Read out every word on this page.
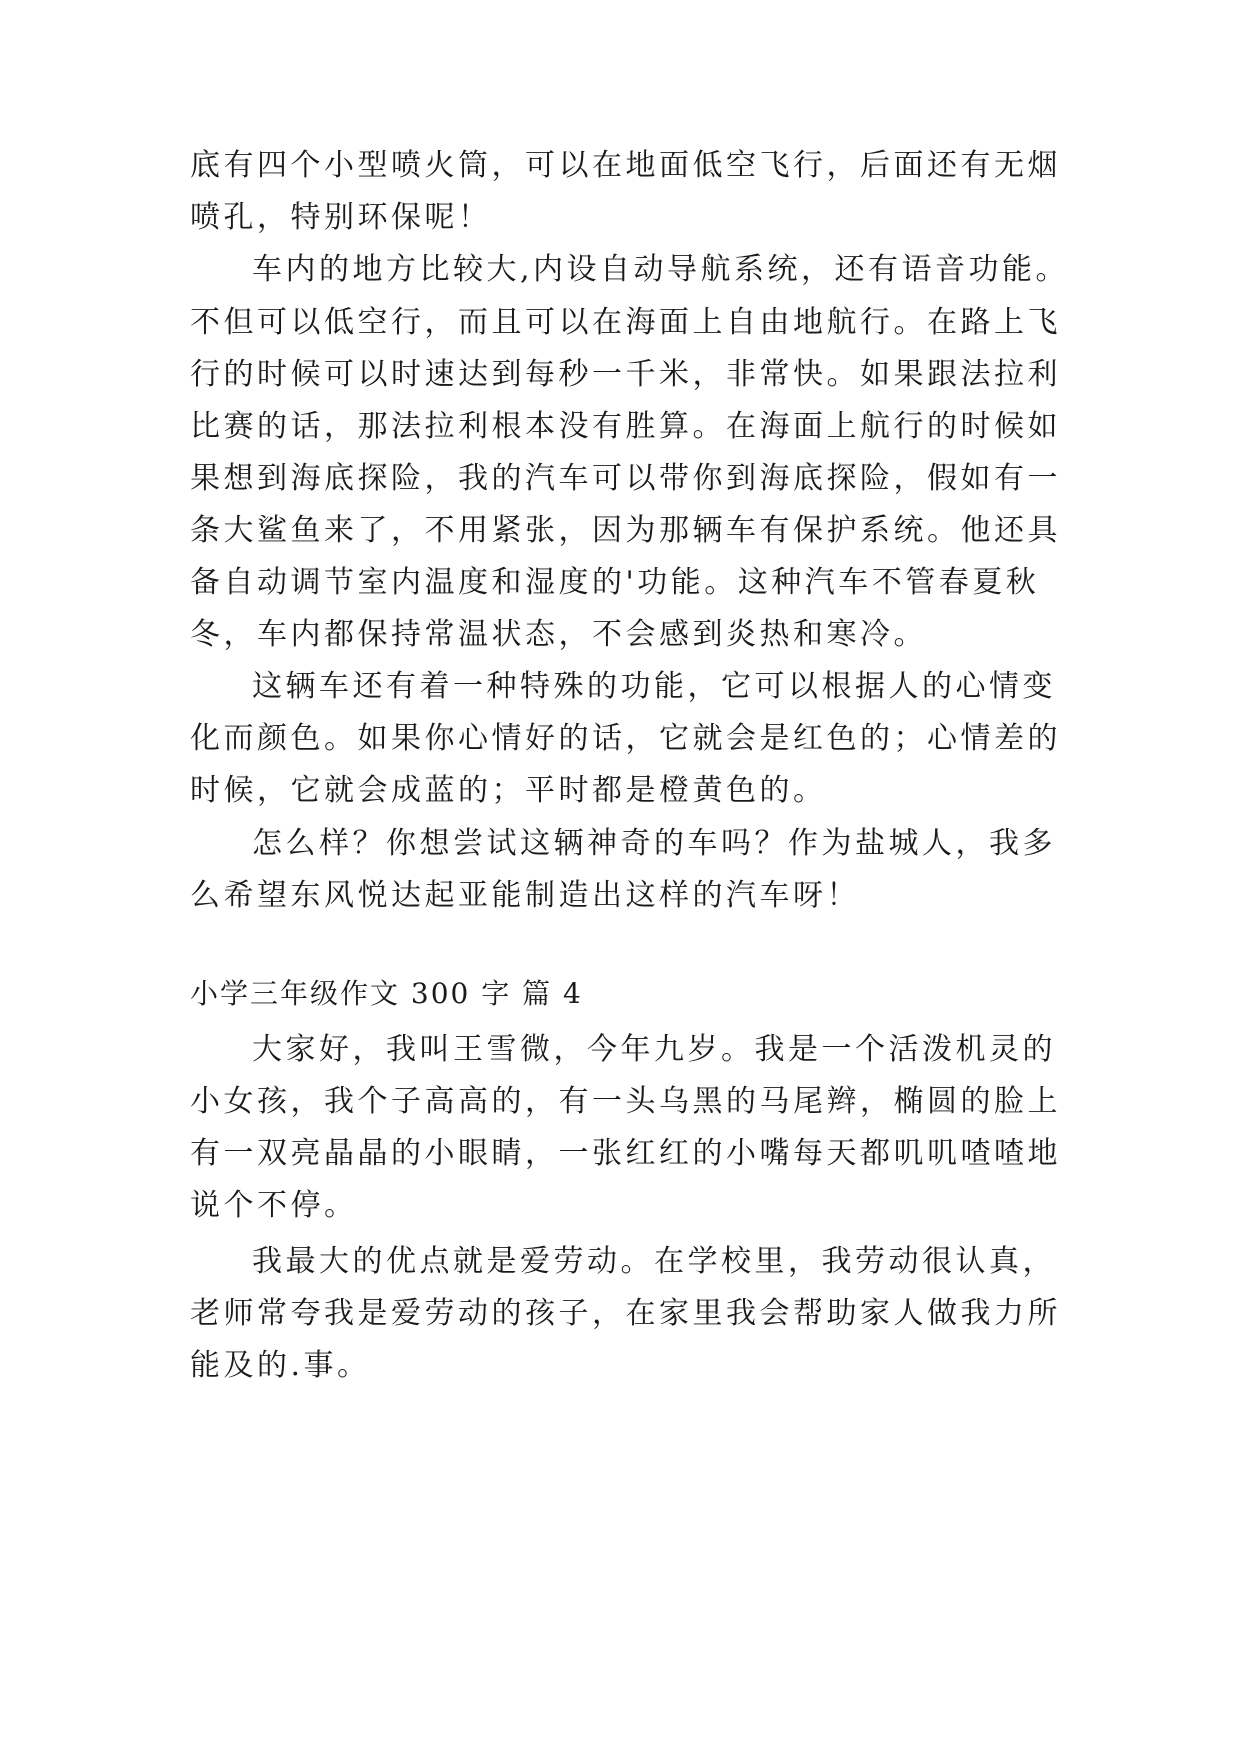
底有四个小型喷火筒，可以在地面低空飞行，后面还有无烟
喷孔，特别环保呢！
车内的地方比较大,内设自动导航系统，还有语音功能。
不但可以低空行，而且可以在海面上自由地航行。在路上飞
行的时候可以时速达到每秒一千米，非常快。如果跟法拉利
比赛的话，那法拉利根本没有胜算。在海面上航行的时候如
果想到海底探险，我的汽车可以带你到海底探险，假如有一
条大鲨鱼来了，不用紧张，因为那辆车有保护系统。他还具
备自动调节室内温度和湿度的'功能。这种汽车不管春夏秋
冬，车内都保持常温状态，不会感到炎热和寒冷。
这辆车还有着一种特殊的功能，它可以根据人的心情变
化而颜色。如果你心情好的话，它就会是红色的；心情差的
时候，它就会成蓝的；平时都是橙黄色的。
怎么样？你想尝试这辆神奇的车吗？作为盐城人，我多
么希望东风悦达起亚能制造出这样的汽车呀！
小学三年级作文 300 字 篇 4
大家好，我叫王雪微，今年九岁。我是一个活泼机灵的
小女孩，我个子高高的，有一头乌黑的马尾辫，椭圆的脸上
有一双亮晶晶的小眼睛，一张红红的小嘴每天都叽叽喳喳地
说个不停。
我最大的优点就是爱劳动。在学校里，我劳动很认真，
老师常夸我是爱劳动的孩子，在家里我会帮助家人做我力所
能及的.事。
